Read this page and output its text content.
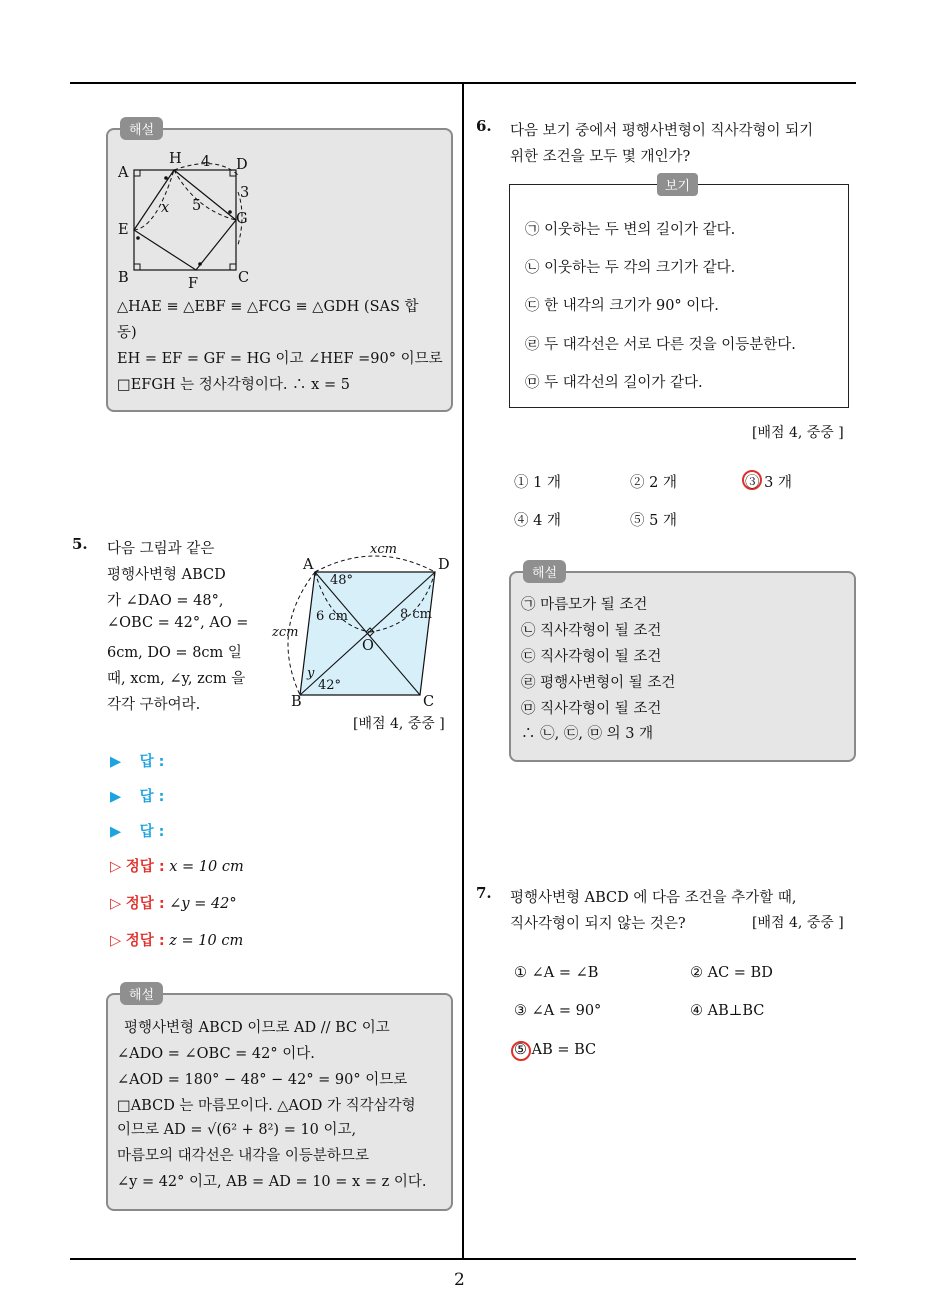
2
해설
A
H 4 D
3
5
x
G
E
B	C
F
△HAE ≡ △EBF ≡ △FCG ≡ △GDH (SAS 합
동)
EH = EF = GF = HG 이고 ∠HEF =90° 이므로
□EFGH 는 정사각형이다. ∴ x = 5
5. 다음 그림과 같은
평행사변형 ABCD
가 ∠DAO = 48°,
∠OBC = 42°, AO =
6cm, DO = 8cm 일
때, xcm, ∠y, zcm 을
각각 구하여라.
xcm
A	D
48°
6 cm	8 cm
zcm
O
y
42°
B	C
[배점 4, 중중 ]
▶ 답 :
▶ 답 :
▶ 답 :
▷ 정답 : x = 10 cm
▷ 정답 : ∠y = 42°
▷ 정답 : z = 10 cm
해설
평행사변형 ABCD 이므로 AD // BC 이고
∠ADO = ∠OBC = 42° 이다.
∠AOD = 180° − 48° − 42° = 90° 이므로
□ABCD 는 마름모이다. △AOD 가 직각삼각형
이므로 AD = √(6² + 8²) = 10 이고,
마름모의 대각선은 내각을 이등분하므로
∠y = 42° 이고, AB = AD = 10 = x = z 이다.
6. 다음 보기 중에서 평행사변형이 직사각형이 되기
위한 조건을 모두 몇 개인가?
보기
㉠ 이웃하는 두 변의 길이가 같다.
㉡ 이웃하는 두 각의 크기가 같다.
㉢ 한 내각의 크기가 90° 이다.
㉣ 두 대각선은 서로 다른 것을 이등분한다.
㉤ 두 대각선의 길이가 같다.
[배점 4, 중중 ]
① 1 개	② 2 개	③ 3 개
④ 4 개	⑤ 5 개
해설
㉠ 마름모가 될 조건
㉡ 직사각형이 될 조건
㉢ 직사각형이 될 조건
㉣ 평행사변형이 될 조건
㉤ 직사각형이 될 조건
∴ ㉡, ㉢, ㉤ 의 3 개
7. 평행사변형 ABCD 에 다음 조건을 추가할 때,
직사각형이 되지 않는 것은?	[배점 4, 중중 ]
① ∠A = ∠B	② AC = BD
③ ∠A = 90°	④ AB⊥BC
⑤ AB = BC
